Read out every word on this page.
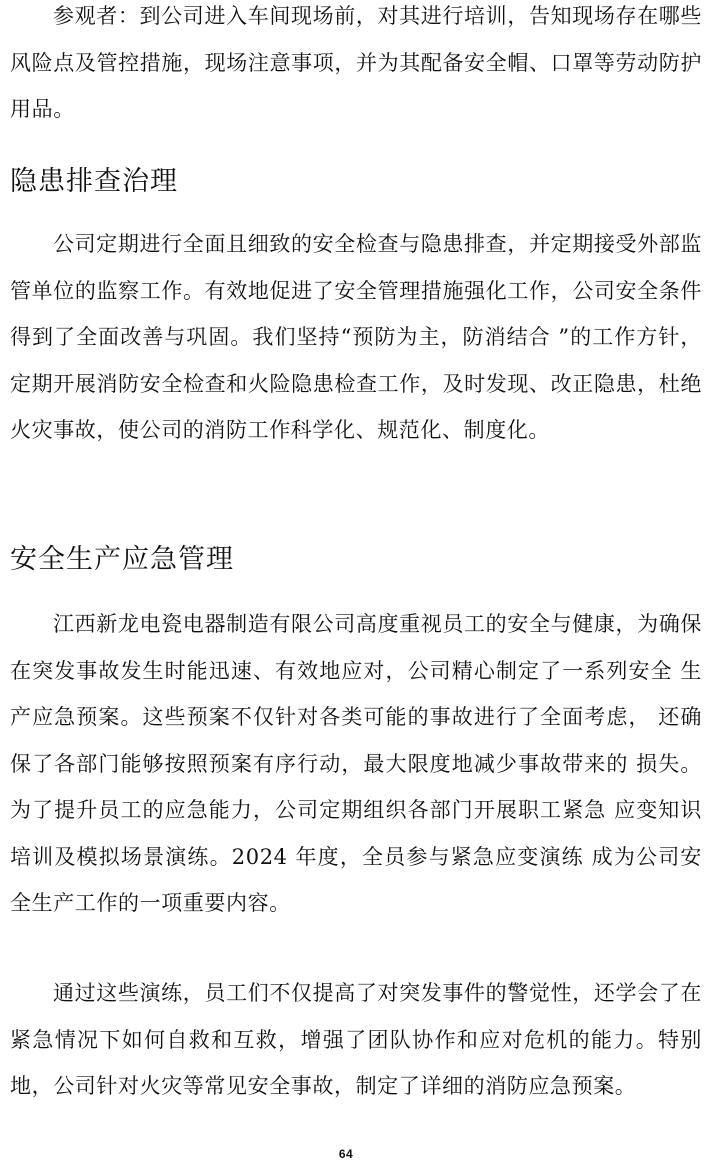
参观者：到公司进入车间现场前，对其进行培训，告知现场存在哪些风险点及管控措施，现场注意事项，并为其配备安全帽、口罩等劳动防护用品。

隐患排查治理

公司定期进行全面且细致的安全检查与隐患排查，并定期接受外部监管单位的监察工作。有效地促进了安全管理措施强化工作，公司安全条件得到了全面改善与巩固。我们坚持“预防为主，防消结合 ”的工作方针，定期开展消防安全检查和火险隐患检查工作，及时发现、改正隐患，杜绝火灾事故，使公司的消防工作科学化、规范化、制度化。

安全生产应急管理

江西新龙电瓷电器制造有限公司高度重视员工的安全与健康，为确保 在突发事故发生时能迅速、有效地应对，公司精心制定了一系列安全 生产应急预案。这些预案不仅针对各类可能的事故进行了全面考虑， 还确保了各部门能够按照预案有序行动，最大限度地减少事故带来的 损失。为了提升员工的应急能力，公司定期组织各部门开展职工紧急 应变知识培训及模拟场景演练。2024 年度，全员参与紧急应变演练 成为公司安全生产工作的一项重要内容。

通过这些演练，员工们不仅提高了对突发事件的警觉性，还学会了在紧急情况下如何自救和互救，增强了团队协作和应对危机的能力。特别地，公司针对火灾等常见安全事故，制定了详细的消防应急预案。

64
